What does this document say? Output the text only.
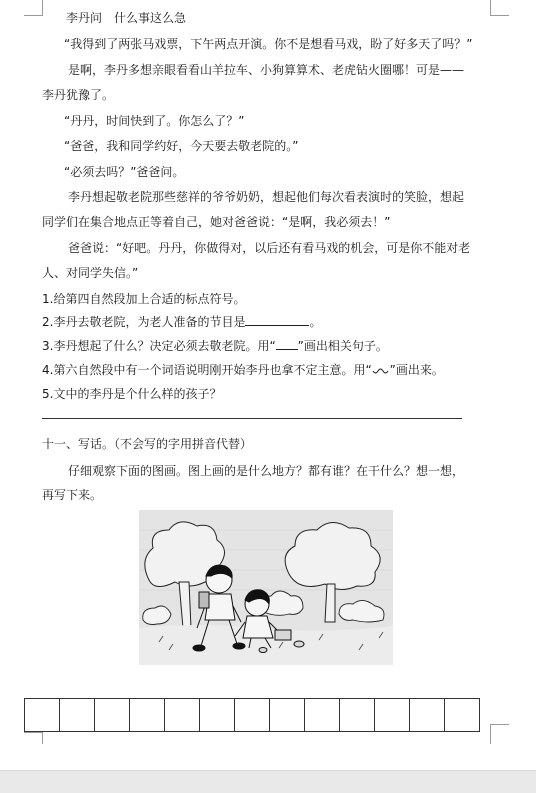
李丹问　什么事这么急
“我得到了两张马戏票，下午两点开演。你不是想看马戏，盼了好多天了吗？”
是啊，李丹多想亲眼看看山羊拉车、小狗算算术、老虎钻火圈哪！可是——
李丹犹豫了。
“丹丹，时间快到了。你怎么了？”
“爸爸，我和同学约好，今天要去敬老院的。”
“必须去吗？”爸爸问。
李丹想起敬老院那些慈祥的爷爷奶奶，想起他们每次看表演时的笑脸，想起
同学们在集合地点正等着自己，她对爸爸说：“是啊，我必须去！”
爸爸说：“好吧。丹丹，你做得对，以后还有看马戏的机会，可是你不能对老
人、对同学失信。”
1.给第四自然段加上合适的标点符号。
2.李丹去敬老院，为老人准备的节目是	。
3.李丹想起了什么？决定必须去敬老院。用“ ”画出相关句子。
4.第六自然段中有一个词语说明刚开始李丹也拿不定主意。用“ ”画出来。
5.文中的李丹是个什么样的孩子？
十一、写话。（不会写的字用拼音代替）
仔细观察下面的图画。图上画的是什么地方？都有谁？在干什么？想一想，
再写下来。
